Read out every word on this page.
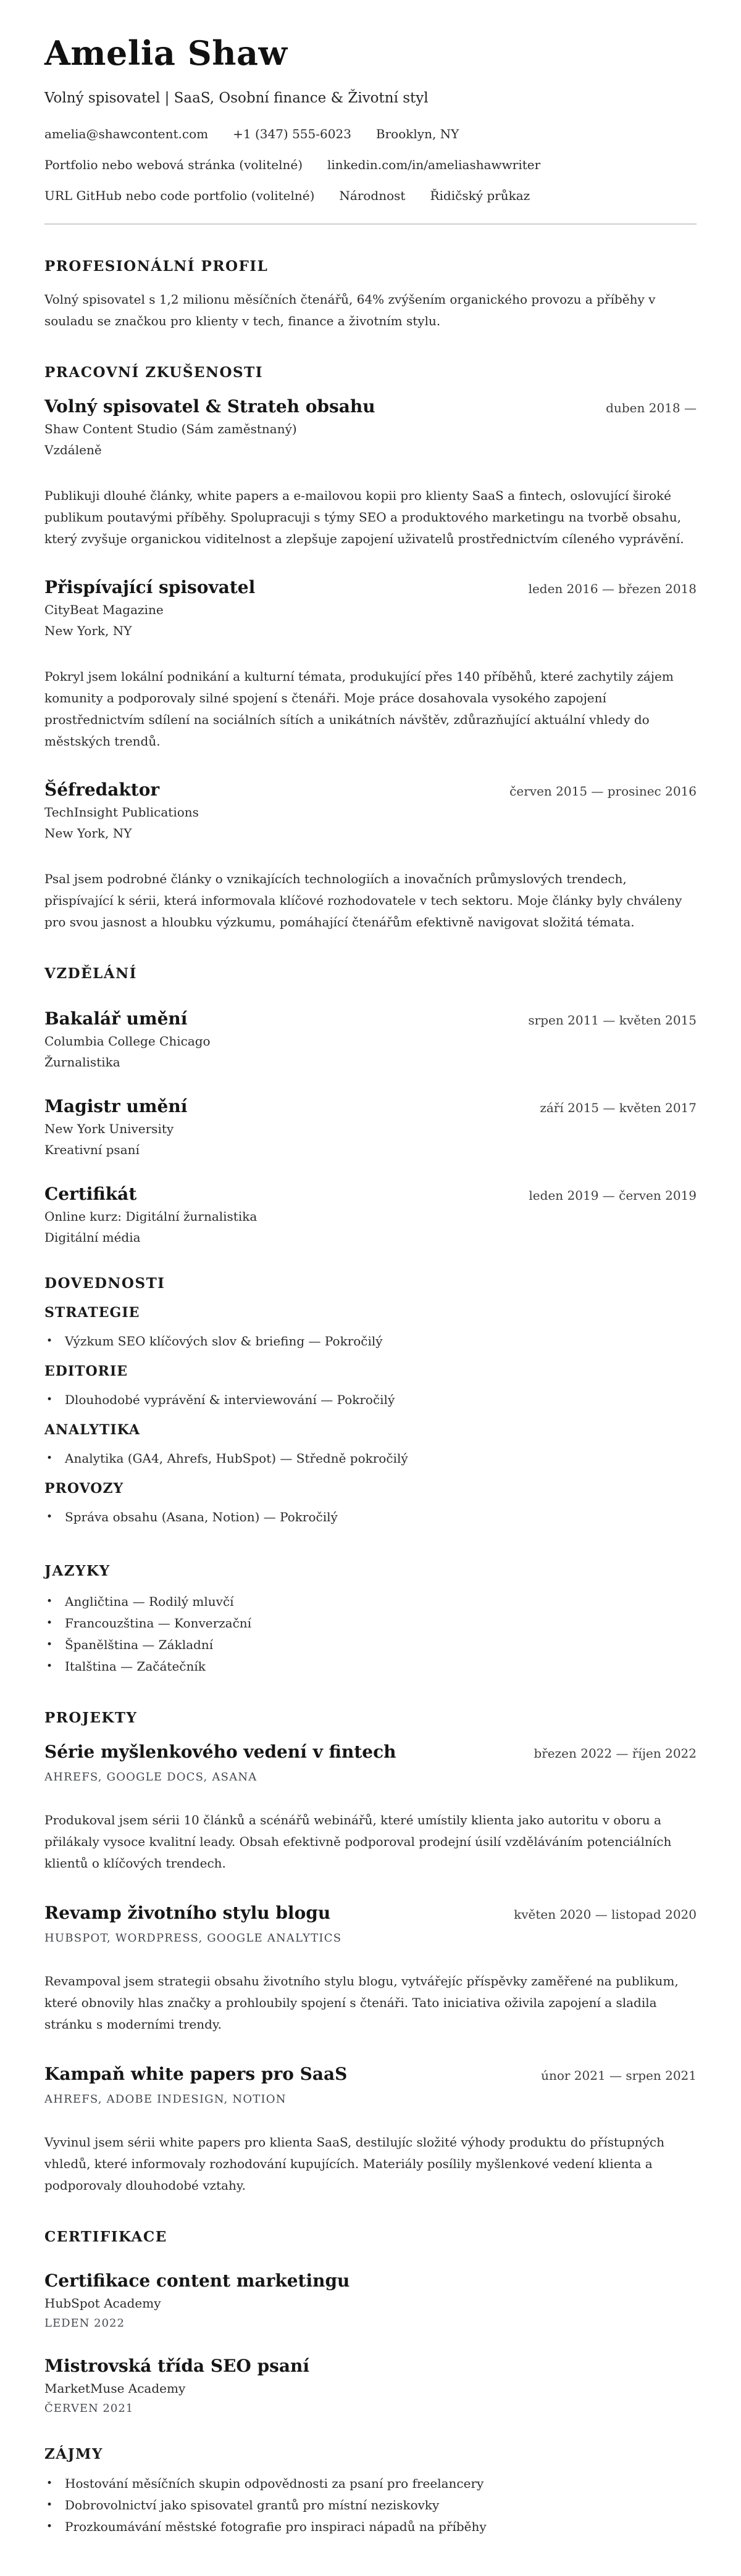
Amelia Shaw
Volný spisovatel | SaaS, Osobní finance & Životní styl
amelia@shawcontent.com +1 (347) 555-6023 Brooklyn, NY
Portfolio nebo webová stránka (volitelné) linkedin.com/in/ameliashawwriter
URL GitHub nebo code portfolio (volitelné) Národnost Řidičský průkaz
PROFESIONÁLNÍ PROFIL

Volný spisovatel s 1,2 milionu měsíčních čtenářů, 64% zvýšením organického provozu a příběhy v souladu se značkou pro klienty v tech, finance a životním stylu.

PRACOVNÍ ZKUŠENOSTI
Volný spisovatel & Strateh obsahu	duben 2018 —
Shaw Content Studio (Sám zaměstnaný)
Vzdáleně

Publikuji dlouhé články, white papers a e-mailovou kopii pro klienty SaaS a fintech, oslovující široké publikum poutavými příběhy. Spolupracuji s týmy SEO a produktového marketingu na tvorbě obsahu, který zvyšuje organickou viditelnost a zlepšuje zapojení uživatelů prostřednictvím cíleného vyprávění.

Přispívající spisovatel	leden 2016 — březen 2018
CityBeat Magazine
New York, NY

Pokryl jsem lokální podnikání a kulturní témata, produkující přes 140 příběhů, které zachytily zájem komunity a podporovaly silné spojení s čtenáři. Moje práce dosahovala vysokého zapojení prostřednictvím sdílení na sociálních sítích a unikátních návštěv, zdůrazňující aktuální vhledy do městských trendů.

Šéfredaktor	červen 2015 — prosinec 2016
TechInsight Publications
New York, NY

Psal jsem podrobné články o vznikajících technologiích a inovačních průmyslových trendech, přispívající k sérii, která informovala klíčové rozhodovatele v tech sektoru. Moje články byly chváleny pro svou jasnost a hloubku výzkumu, pomáhající čtenářům efektivně navigovat složitá témata.

VZDĚLÁNÍ
Bakalář umění	srpen 2011 — květen 2015
Columbia College Chicago
Žurnalistika
Magistr umění	září 2015 — květen 2017
New York University
Kreativní psaní
Certifikát	leden 2019 — červen 2019
Online kurz: Digitální žurnalistika
Digitální média
DOVEDNOSTI
STRATEGIE
• Výzkum SEO klíčových slov & briefing — Pokročilý
EDITORIE
• Dlouhodobé vyprávění & interviewování — Pokročilý
ANALYTIKA
• Analytika (GA4, Ahrefs, HubSpot) — Středně pokročilý
PROVOZY
• Správa obsahu (Asana, Notion) — Pokročilý
JAZYKY
• Angličtina — Rodilý mluvčí
• Francouzština — Konverzační
• Španělština — Základní
• Italština — Začátečník
PROJEKTY
Série myšlenkového vedení v fintech	březen 2022 — říjen 2022
AHREFS, GOOGLE DOCS, ASANA

Produkoval jsem sérii 10 článků a scénářů webinářů, které umístily klienta jako autoritu v oboru a přilákaly vysoce kvalitní leady. Obsah efektivně podporoval prodejní úsilí vzděláváním potenciálních klientů o klíčových trendech.

Revamp životního stylu blogu	květen 2020 — listopad 2020
HUBSPOT, WORDPRESS, GOOGLE ANALYTICS

Revampoval jsem strategii obsahu životního stylu blogu, vytvářejíc příspěvky zaměřené na publikum, které obnovily hlas značky a prohloubily spojení s čtenáři. Tato iniciativa oživila zapojení a sladila stránku s moderními trendy.

Kampaň white papers pro SaaS	únor 2021 — srpen 2021
AHREFS, ADOBE INDESIGN, NOTION

Vyvinul jsem sérii white papers pro klienta SaaS, destilujíc složité výhody produktu do přístupných vhledů, které informovaly rozhodování kupujících. Materiály posílily myšlenkové vedení klienta a podporovaly dlouhodobé vztahy.

CERTIFIKACE
Certifikace content marketingu
HubSpot Academy
LEDEN 2022
Mistrovská třída SEO psaní
MarketMuse Academy
ČERVEN 2021
ZÁJMY
• Hostování měsíčních skupin odpovědnosti za psaní pro freelancery
• Dobrovolnictví jako spisovatel grantů pro místní neziskovky
• Prozkoumávání městské fotografie pro inspiraci nápadů na příběhy
